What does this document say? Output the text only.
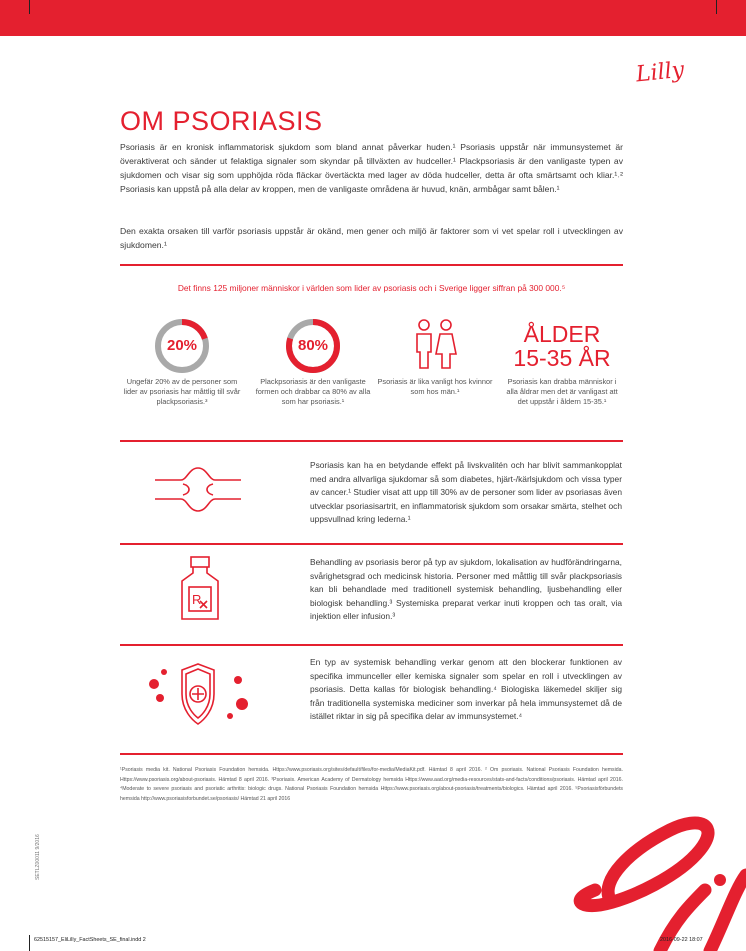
Lilly
OM PSORIASIS

Psoriasis är en kronisk inflammatorisk sjukdom som bland annat påverkar huden.¹ Psoriasis uppstår när immunsystemet är överaktiverat och sänder ut felaktiga signaler som skyndar på tillväxten av hudceller.¹ Plackpsoriasis är den vanligaste typen av sjukdomen och visar sig som upphöjda röda fläckar övertäckta med lager av döda hudceller, detta är ofta smärtsamt och kliar.¹˒² Psoriasis kan uppstå på alla delar av kroppen, men de vanligaste områdena är huvud, knän, armbågar samt bålen.¹

Den exakta orsaken till varför psoriasis uppstår är okänd, men gener och miljö är faktorer som vi vet spelar roll i utvecklingen av sjukdomen.¹

Det finns 125 miljoner människor i världen som lider av psoriasis och i Sverige ligger siffran på 300 000.⁵
20%
Ungefär 20% av de personer som lider av psoriasis har måttlig till svår plackpsoriasis.³
80%
Plackpsoriasis är den vanligaste formen och drabbar ca 80% av alla som har psoriasis.¹
Psoriasis är lika vanligt hos kvinnor som hos män.¹
ÅLDER
15-35 ÅR
Psoriasis kan drabba människor i alla åldrar men det är vanligast att det uppstår i åldern 15-35.¹

Psoriasis kan ha en betydande effekt på livskvalitén och har blivit sammankopplat med andra allvarliga sjukdomar så som diabetes, hjärt-/kärlsjukdom och vissa typer av cancer.¹ Studier visat att upp till 30% av de personer som lider av psoriasas även utvecklar psoriasisartrit, en inflammatorisk sjukdom som orsakar smärta, stelhet och uppsvullnad kring lederna.¹

R

Behandling av psoriasis beror på typ av sjukdom, lokalisation av hudförändringarna, svårighetsgrad och medicinsk historia. Personer med måttlig till svår plackpsoriasis kan bli behandlade med traditionell systemisk behandling, ljusbehandling eller biologisk behandling.³ Systemiska preparat verkar inuti kroppen och tas oralt, via injektion eller infusion.³

En typ av systemisk behandling verkar genom att den blockerar funktionen av specifika immunceller eller kemiska signaler som spelar en roll i utvecklingen av psoriasis. Detta kallas för biologisk behandling.⁴ Biologiska läkemedel skiljer sig från traditionella systemiska mediciner som inverkar på hela immunsystemet då de istället riktar in sig på specifika delar av immunsystemet.⁴

¹Psoriasis media kit. National Psoriasis Foundation hemsida. Https://www.psoriasis.org/sites/default/files/for-media/MediaKit.pdf. Hämtad 8 april 2016. ² Om psoriasis. National Psoriasis Foundation hemsida. Https://www.psoriasis.org/about-psoriasis. Hämtad 8 april 2016. ³Psoriasis. American Academy of Dermatology hemsida Https://www.aad.org/media-resources/stats-and-facts/conditions/psoriasis. Hämtad april 2016. ⁴Moderate to severe psoriasis and psoriatic arthritis: biologic drugs. National Psoriasis Foundation hemsida Https://www.psoriasis.org/about-psoriasis/treatments/biologics. Hämtad april 2016. ⁵Psoriasisförbundets hemsida http://www.psoriasisforbundet.se/psoriasis/ Hämtad 21 april 2016
SETLZ00011 9/2016
62515157_EliLilly_FactSheets_SE_final.indd 2	2016-09-22 18:07
